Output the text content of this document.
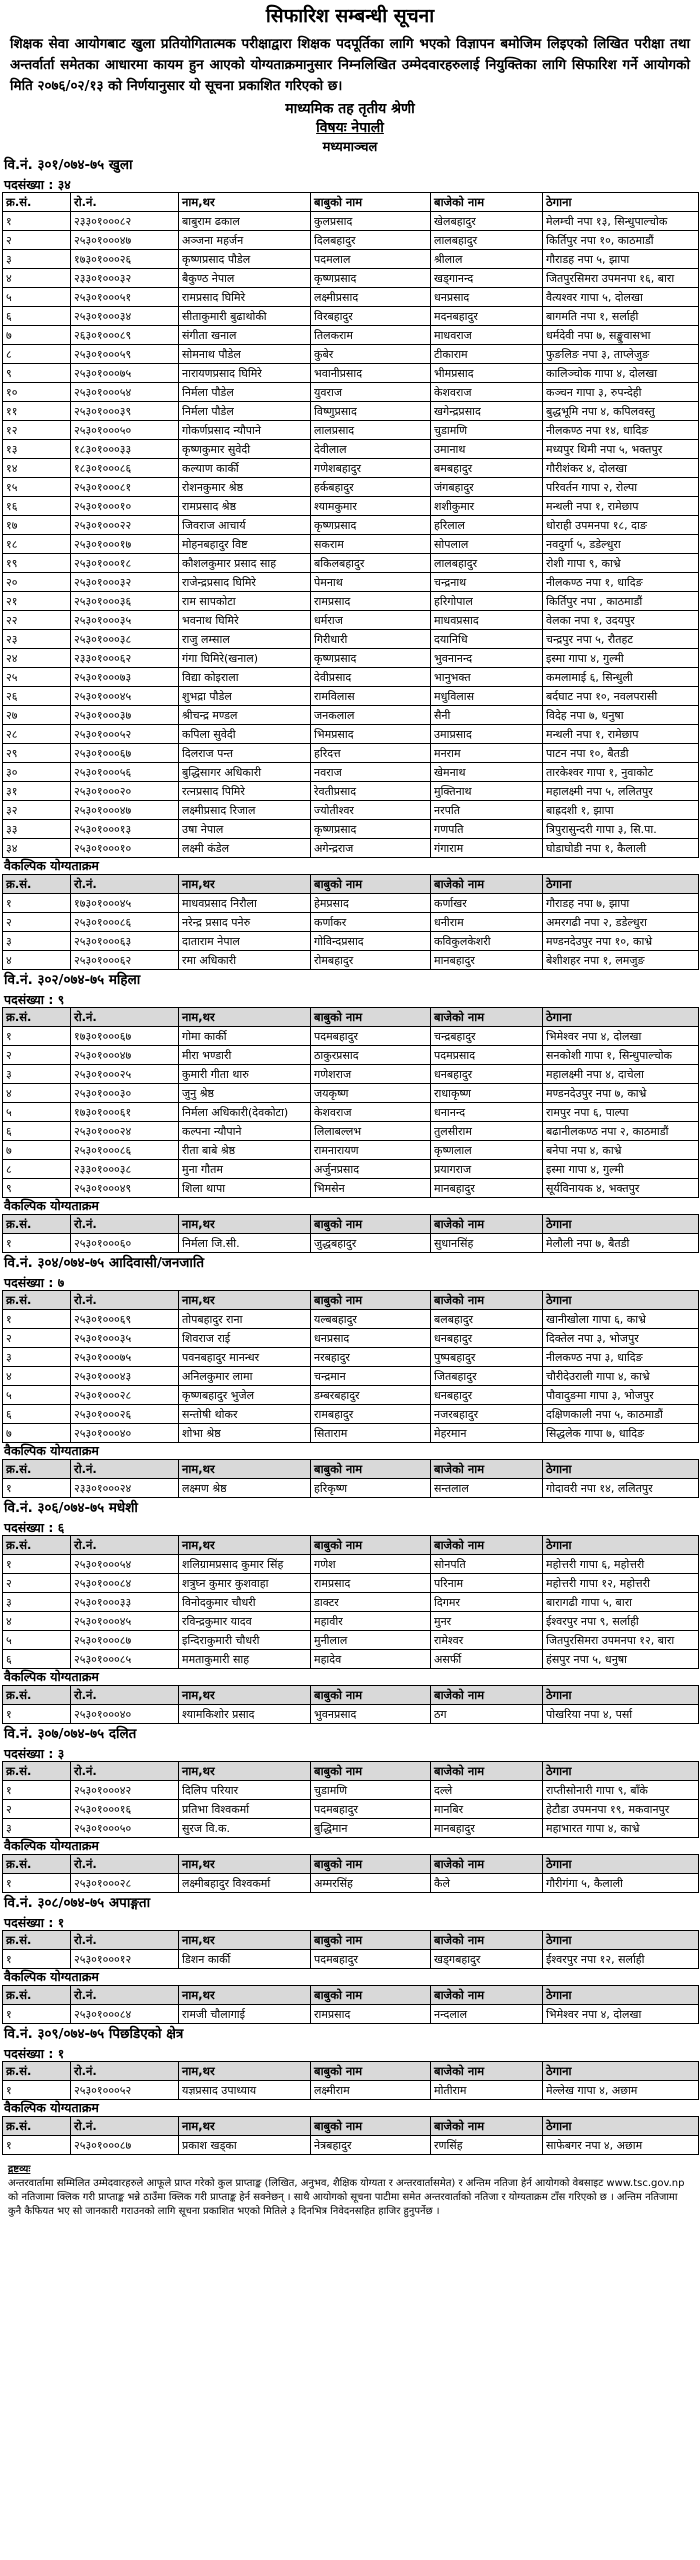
सिफारिश सम्बन्धी सूचना
शिक्षक सेवा आयोगबाट खुला प्रतियोगितात्मक परीक्षाद्वारा शिक्षक पदपूर्तिका लागि भएको विज्ञापन बमोजिम लिइएको लिखित परीक्षा तथा अन्तर्वार्ता समेतका आधारमा कायम हुन आएको योग्यताक्रमानुसार निम्नलिखित उम्मेदवारहरुलाई नियुक्तिका लागि सिफारिश गर्ने आयोगको मिति २०७६/०२/१३ को निर्णयानुसार यो सूचना प्रकाशित गरिएको छ।
माध्यमिक तह तृतीय श्रेणी
विषयः नेपाली
मध्यमाञ्चल
वि.नं. ३०१/०७४-७५ खुला
पदसंख्या : ३४
क्र.सं.	रो.नं.	नाम,थर	बाबुको नाम	बाजेको नाम	ठेगाना
१	२३३०१०००८२	बाबुराम ढकाल	कुलप्रसाद	खेलबहादुर	मेलम्ची नपा १३, सिन्धुपाल्चोक
२	२५३०१०००४७	अञ्जना महर्जन	दिलबहादुर	लालबहादुर	किर्तिपुर नपा १०, काठमाडौं
३	१७३०१०००२६	कृष्णप्रसाद पौडेल	पदमलाल	श्रीलाल	गौराडह नपा ५, झापा
४	२३३०१०००३२	बैकुण्ठ नेपाल	कृष्णप्रसाद	खड्गानन्द	जितपुरसिमरा उपमनपा १६, बारा
५	२५३०१०००५१	रामप्रसाद घिमिरे	लक्ष्मीप्रसाद	धनप्रसाद	वैत्यश्वर गापा ५, दोलखा
६	२५३०१०००३४	सीताकुमारी बुढाथोकी	विरबहादुर	मदनबहादुर	बागमति नपा १, सर्लाही
७	२६३०१०००८९	संगीता खनाल	तिलकराम	माधवराज	धर्मदेवी नपा ७, सङ्खुवासभा
८	२५३०१०००५९	सोमनाथ पौडेल	कुबेर	टीकाराम	फुङलिङ नपा ३, ताप्लेजुङ
९	२५३०१०००७५	नारायणप्रसाद घिमिरे	भवानीप्रसाद	भीमप्रसाद	कालिञ्चोक गापा ४, दोलखा
१०	२५३०१०००५४	निर्मला पौडेल	युवराज	केशवराज	कञ्चन गापा ३, रुपन्देही
११	२५३०१०००३९	निर्मला पौडेल	विष्णुप्रसाद	खगेन्द्रप्रसाद	बुद्धभूमि नपा ४, कपिलवस्तु
१२	२५३०१०००५०	गोकर्णप्रसाद न्यौपाने	लालप्रसाद	चुडामणि	नीलकण्ठ नपा १४, धादिङ
१३	१८३०१०००३३	कृष्णकुमार सुवेदी	देवीलाल	उमानाथ	मध्यपुर थिमी नपा ५, भक्तपुर
१४	१८३०१०००८६	कल्याण कार्की	गणेशबहादुर	बमबहादुर	गौरीशंकर ४, दोलखा
१५	२५३०१०००८१	रोशनकुमार श्रेष्ठ	हर्कबहादुर	जंगबहादुर	परिवर्तन गापा २, रोल्पा
१६	२५३०१०००१०	रामप्रसाद श्रेष्ठ	श्यामकुमार	शशीकुमार	मन्थली नपा १, रामेछाप
१७	२५३०१०००२२	जिवराज आचार्य	कृष्णप्रसाद	हरिलाल	धोराही उपमनपा १८, दाङ
१८	२५३०१०००१७	मोहनबहादुर विष्ट	सकराम	सोपलाल	नवदुर्गा ५, डडेल्धुरा
१९	२५३०१०००१८	कौशलकुमार प्रसाद साह	बकिलबहादुर	लालबहादुर	रोशी गापा ९, काभ्रे
२०	२५३०१०००३२	राजेन्द्रप्रसाद घिमिरे	पेमनाथ	चन्द्रनाथ	नीलकण्ठ नपा १, धादिङ
२१	२५३०१०००३६	राम सापकोटा	रामप्रसाद	हरिगोपाल	किर्तिपुर नपा , काठमाडौं
२२	२५३०१०००३५	भवनाथ घिमिरे	धर्मराज	माधवप्रसाद	वेलका नपा १, उदयपुर
२३	२५३०१०००३८	राजु लम्साल	गिरीधारी	दयानिधि	चन्द्रपुर नपा ५, रौतहट
२४	२३३०१०००६२	गंगा घिमिरे(खनाल)	कृष्णप्रसाद	भुवनानन्द	इस्मा गापा ४, गुल्मी
२५	२५३०१०००७३	विद्या कोइराला	देवीप्रसाद	भानुभक्त	कमलामाई ६, सिन्धुली
२६	२५३०१०००४५	शुभद्रा पौडेल	रामविलास	मधुविलास	बर्दघाट नपा १०, नवलपरासी
२७	२५३०१०००३७	श्रीचन्द्र मण्डल	जनकलाल	सैनी	विदेह नपा ७, धनुषा
२८	२५३०१०००५२	कपिला सुवेदी	भिमप्रसाद	उमाप्रसाद	मन्थली नपा १, रामेछाप
२९	२५३०१०००६७	दिलराज पन्त	हरिदत्त	मनराम	पाटन नपा १०, बैतडी
३०	२५३०१०००५६	बुद्धिसागर अधिकारी	नवराज	खेमनाथ	तारकेश्वर गापा १, नुवाकोट
३१	२५३०१०००२०	रत्नप्रसाद पिमिरे	रेवतीप्रसाद	मुक्तिनाथ	महालक्ष्मी नपा ५, ललितपुर
३२	२५३०१०००४७	लक्ष्मीप्रसाद रिजाल	ज्योतीश्वर	नरपति	बाह्रदशी १, झापा
३३	२५३०१०००१३	उषा नेपाल	कृष्णप्रसाद	गणपति	त्रिपुरासुन्दरी गापा ३, सि.पा.
३४	२५३०१०००१०	लक्ष्मी कंडेल	अगेन्द्रराज	गंगाराम	घोडाघोडी नपा १, कैलाली
वैकल्पिक योग्यताक्रम
क्र.सं.	रो.नं.	नाम,थर	बाबुको नाम	बाजेको नाम	ठेगाना
१	१७३०१०००४५	माधवप्रसाद निरौला	हेमप्रसाद	कर्णाखर	गौराडह नपा ७, झापा
२	२५३०१०००८६	नरेन्द्र प्रसाद पनेरु	कर्णाकर	धनीराम	अमरगढी नपा २, डडेल्धुरा
३	२५३०१०००६३	दाताराम नेपाल	गोविन्दप्रसाद	कविकुलकेशरी	मण्डनदेउपुर नपा १०, काभ्रे
४	२५३०१०००६२	रमा अधिकारी	रोमबहादुर	मानबहादुर	बेशीशहर नपा १, लमजुङ
वि.नं. ३०२/०७४-७५ महिला
पदसंख्या : ९
क्र.सं.	रो.नं.	नाम,थर	बाबुको नाम	बाजेको नाम	ठेगाना
१	१७३०१०००६७	गोमा कार्की	पदमबहादुर	चन्द्रबहादुर	भिमेश्वर नपा ४, दोलखा
२	२५३०१०००४७	मीरा भण्डारी	ठाकुरप्रसाद	पदमप्रसाद	सनकोशी गापा १, सिन्धुपाल्चोक
३	२५३०१०००२५	कुमारी गीता थारु	गणेशराज	धनबहादुर	महालक्ष्मी नपा ४, दाचेला
४	२५३०१०००३०	जुनु श्रेष्ठ	जयकृष्ण	राधाकृष्ण	मण्डनदेउपुर नपा ७, काभ्रे
५	१७३०१०००६१	निर्मला अधिकारी(देवकोटा)	केशवराज	धनानन्द	रामपुर नपा ६, पाल्पा
६	२५३०१०००२४	कल्पना न्यौपाने	लिलाबल्लभ	तुलसीराम	बढानीलकण्ठ नपा २, काठमाडौं
७	२५३०१०००८६	रीता बाबे श्रेष्ठ	रामनारायण	कृष्णलाल	बनेपा नपा ४, काभ्रे
८	२३३०१०००३८	मुना गौतम	अर्जुनप्रसाद	प्रयागराज	इस्मा गापा ४, गुल्मी
९	२५३०१०००४९	शिला थापा	भिमसेन	मानबहादुर	सूर्यविनायक ४, भक्तपुर
वैकल्पिक योग्यताक्रम
क्र.सं.	रो.नं.	नाम,थर	बाबुको नाम	बाजेको नाम	ठेगाना
१	२५३०१०००६०	निर्मला जि.सी.	जुद्धबहादुर	सुधानसिंह	मेलौली नपा ७, बैतडी
वि.नं. ३०४/०७४-७५ आदिवासी/जनजाति
पदसंख्या : ७
क्र.सं.	रो.नं.	नाम,थर	बाबुको नाम	बाजेको नाम	ठेगाना
१	२५३०१०००६९	तोपबहादुर राना	यल्बबहादुर	बलबहादुर	खानीखोला गापा ६, काभ्रे
२	२५३०१०००३५	शिवराज राई	धनप्रसाद	धनबहादुर	दिक्तेल नपा ३, भोजपुर
३	२५३०१०००७५	पवनबहादुर मानन्धर	नरबहादुर	पुष्पबहादुर	नीलकण्ठ नपा ३, धादिङ
४	२५३०१०००४३	अनिलकुमार लामा	चन्द्रमान	जितबहादुर	चौरीदेउराली गापा ४, काभ्रे
५	२५३०१०००२८	कृष्णबहादुर भुजेल	डम्बरबहादुर	धनबहादुर	पौवादुङमा गापा ३, भोजपुर
६	२५३०१०००२६	सन्तोषी थोकर	रामबहादुर	नजरबहादुर	दक्षिणकाली नपा ५, काठमाडौं
७	२५३०१०००४०	शोभा श्रेष्ठ	सिताराम	मेहरमान	सिद्धलेक गापा ७, धादिङ
वैकल्पिक योग्यताक्रम
क्र.सं.	रो.नं.	नाम,थर	बाबुको नाम	बाजेको नाम	ठेगाना
१	२३३०१०००२४	लक्ष्मण श्रेष्ठ	हरिकृष्ण	सन्तलाल	गोदावरी नपा १४, ललितपुर
वि.नं. ३०६/०७४-७५ मधेशी
पदसंख्या : ६
क्र.सं.	रो.नं.	नाम,थर	बाबुको नाम	बाजेको नाम	ठेगाना
१	२५३०१०००५४	शलिग्रामप्रसाद कुमार सिंह	गणेश	सोनपति	महोत्तरी गापा ६, महोत्तरी
२	२५३०१०००८४	शत्रुघ्न कुमार कुशवाहा	रामप्रसाद	परिनाम	महोत्तरी गापा १२, महोत्तरी
३	२५३०१०००३३	विनोदकुमार चौधरी	डाक्टर	दिगमर	बारागढी गापा ५, बारा
४	२५३०१०००४५	रविन्द्रकुमार यादव	महावीर	मुनर	ईश्वरपुर नपा ९, सर्लाही
५	२५३०१०००८७	इन्दिराकुमारी चौधरी	मुनीलाल	रामेश्वर	जितपुरसिमरा उपमनपा १२, बारा
६	२५३०१०००८५	ममताकुमारी साह	महादेव	असर्फी	हंसपुर नपा ५, धनुषा
वैकल्पिक योग्यताक्रम
क्र.सं.	रो.नं.	नाम,थर	बाबुको नाम	बाजेको नाम	ठेगाना
१	२५३०१०००४०	श्यामकिशोर प्रसाद	भुवनप्रसाद	ठग	पोखरिया नपा ४, पर्सा
वि.नं. ३०७/०७४-७५ दलित
पदसंख्या : ३
क्र.सं.	रो.नं.	नाम,थर	बाबुको नाम	बाजेको नाम	ठेगाना
१	२५३०१०००४२	दिलिप परियार	चुडामणि	दल्ले	राप्तीसोनारी गापा ९, बाँके
२	२५३०१०००१६	प्रतिभा विश्वकर्मा	पदमबहादुर	मानबिर	हेटौडा उपमनपा १९, मकवानपुर
३	२५३०१०००५०	सुरज वि.क.	बुद्धिमान	मानबहादुर	महाभारत गापा ४, काभ्रे
वैकल्पिक योग्यताक्रम
क्र.सं.	रो.नं.	नाम,थर	बाबुको नाम	बाजेको नाम	ठेगाना
१	२५३०१०००२८	लक्ष्मीबहादुर विश्वकर्मा	अम्मरसिंह	कैले	गौरीगंगा ५, कैलाली
वि.नं. ३०८/०७४-७५ अपाङ्गता
पदसंख्या : १
क्र.सं.	रो.नं.	नाम,थर	बाबुको नाम	बाजेको नाम	ठेगाना
१	२५३०१०००१२	डिशन कार्की	पदमबहादुर	खड्गबहादुर	ईश्वरपुर नपा १२, सर्लाही
वैकल्पिक योग्यताक्रम
क्र.सं.	रो.नं.	नाम,थर	बाबुको नाम	बाजेको नाम	ठेगाना
१	२५३०१०००८४	रामजी चौलागाई	रामप्रसाद	नन्दलाल	भिमेश्वर नपा ४, दोलखा
वि.नं. ३०९/०७४-७५ पिछडिएको क्षेत्र
पदसंख्या : १
क्र.सं.	रो.नं.	नाम,थर	बाबुको नाम	बाजेको नाम	ठेगाना
१	२५३०१०००५२	यज्ञप्रसाद उपाध्याय	लक्ष्मीराम	मोतीराम	मेल्लेख गापा ४, अछाम
वैकल्पिक योग्यताक्रम
क्र.सं.	रो.नं.	नाम,थर	बाबुको नाम	बाजेको नाम	ठेगाना
१	२५३०१०००८७	प्रकाश खड्का	नेत्रबहादुर	रणसिंह	साफेबगर नपा ४, अछाम
द्रष्टव्यः
अन्तरवार्तामा सम्मिलित उम्मेदवारहरुले आफूले प्राप्त गरेको कुल प्राप्ताङ्क (लिखित, अनुभव, शैक्षिक योग्यता र अन्तरवार्तासमेत) र अन्तिम नतिजा हेर्न आयोगको वेबसाइट www.tsc.gov.np को नतिजामा क्लिक गरी प्राप्ताङ्क भन्ने ठाउँमा क्लिक गरी प्राप्ताङ्क हेर्न सक्नेछन् । साथै आयोगको सूचना पाटीमा समेत अन्तरवार्ताको नतिजा र योग्यताक्रम टाँस गरिएको छ । अन्तिम नतिजामा कुनै कैफियत भए सो जानकारी गराउनको लागि सूचना प्रकाशित भएको मितिले ३ दिनभित्र निवेदनसहित हाजिर हुनुपर्नेछ ।
